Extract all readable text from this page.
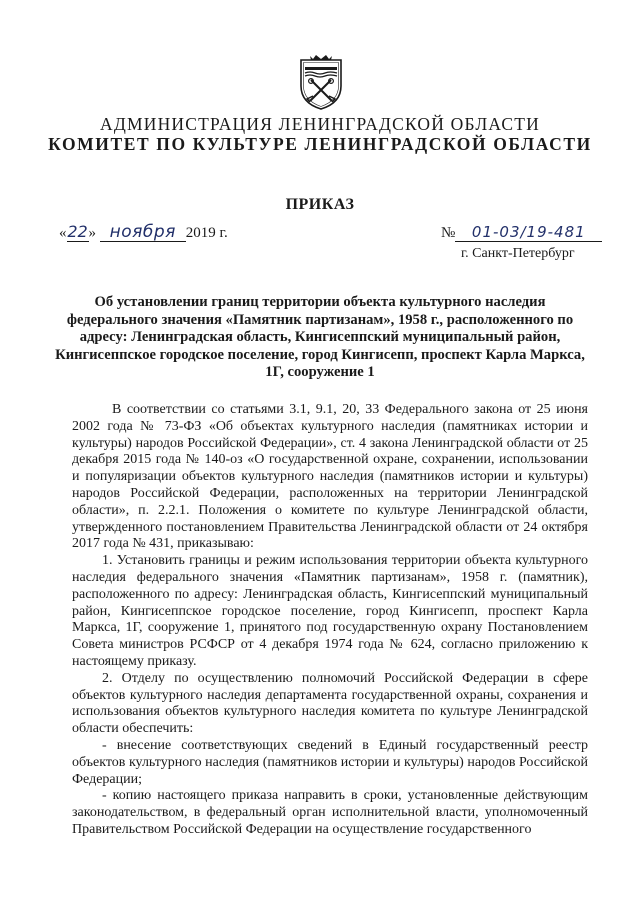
АДМИНИСТРАЦИЯ ЛЕНИНГРАДСКОЙ ОБЛАСТИ
КОМИТЕТ ПО КУЛЬТУРЕ ЛЕНИНГРАДСКОЙ ОБЛАСТИ
ПРИКАЗ
«22» ноября 2019 г.	№ 01-03/19-481
г. Санкт-Петербург
Об установлении границ территории объекта культурного наследия федерального значения «Памятник партизанам», 1958 г., расположенного по адресу: Ленинградская область, Кингисеппский муниципальный район, Кингисеппское городское поселение, город Кингисепп, проспект Карла Маркса, 1Г, сооружение 1

В соответствии со статьями 3.1, 9.1, 20, 33 Федерального закона от 25 июня 2002 года № 73-ФЗ «Об объектах культурного наследия (памятниках истории и культуры) народов Российской Федерации», ст. 4 закона Ленинградской области от 25 декабря 2015 года № 140-оз «О государственной охране, сохранении, использовании и популяризации объектов культурного наследия (памятников истории и культуры) народов Российской Федерации, расположенных на территории Ленинградской области», п. 2.2.1. Положения о комитете по культуре Ленинградской области, утвержденного постановлением Правительства Ленинградской области от 24 октября 2017 года № 431, приказываю:

1. Установить границы и режим использования территории объекта культурного наследия федерального значения «Памятник партизанам», 1958 г. (памятник), расположенного по адресу: Ленинградская область, Кингисеппский муниципальный район, Кингисеппское городское поселение, город Кингисепп, проспект Карла Маркса, 1Г, сооружение 1, принятого под государственную охрану Постановлением Совета министров РСФСР от 4 декабря 1974 года № 624, согласно приложению к настоящему приказу.

2. Отделу по осуществлению полномочий Российской Федерации в сфере объектов культурного наследия департамента государственной охраны, сохранения и использования объектов культурного наследия комитета по культуре Ленинградской области обеспечить:

- внесение соответствующих сведений в Единый государственный реестр объектов культурного наследия (памятников истории и культуры) народов Российской Федерации;

- копию настоящего приказа направить в сроки, установленные действующим законодательством, в федеральный орган исполнительной власти, уполномоченный Правительством Российской Федерации на осуществление государственного
